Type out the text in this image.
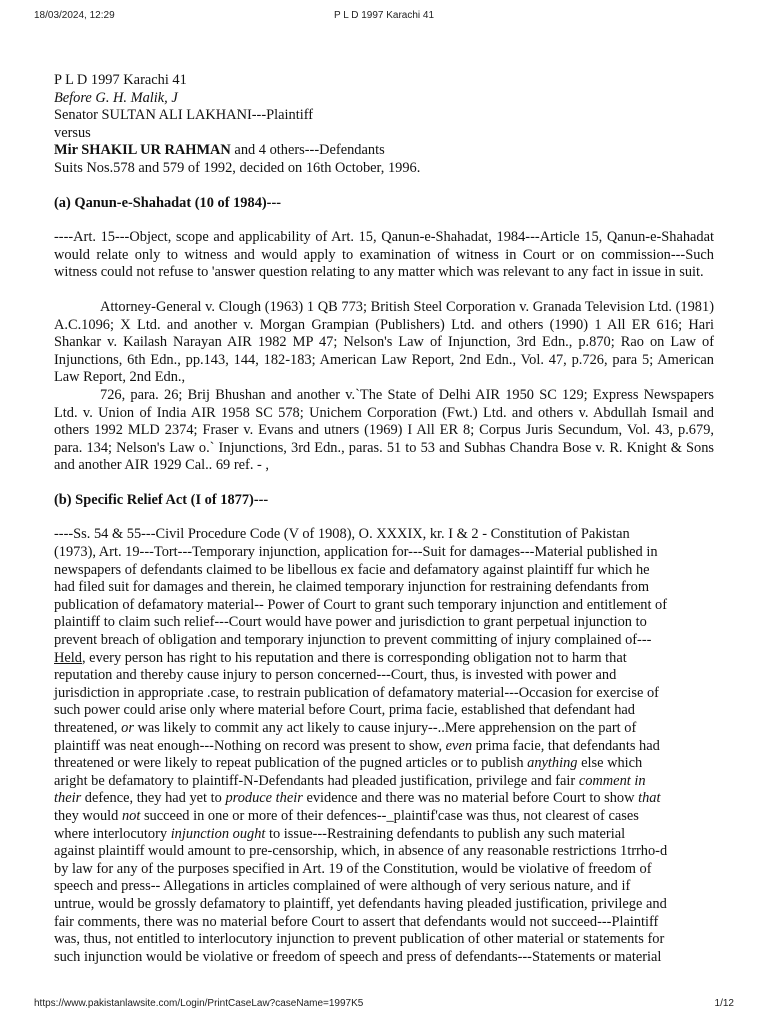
18/03/2024, 12:29	P L D 1997 Karachi 41
P L D 1997 Karachi 41
Before G. H. Malik, J
Senator SULTAN ALI LAKHANI---Plaintiff
versus
Mir SHAKIL UR RAHMAN and 4 others---Defendants
Suits Nos.578 and 579 of 1992, decided on 16th October, 1996.
(a) Qanun-e-Shahadat (10 of 1984)---
----Art. 15---Object, scope and applicability of Art. 15, Qanun-e-Shahadat, 1984---Article 15, Qanun-e-Shahadat would relate only to witness and would apply to examination of witness in Court or on commission---Such witness could not refuse to 'answer question relating to any matter which was relevant to any fact in issue in suit.
Attorney-General v. Clough (1963) 1 QB 773; British Steel Corporation v. Granada Television Ltd. (1981) A.C.1096; X Ltd. and another v. Morgan Grampian (Publishers) Ltd. and others (1990) 1 All ER 616; Hari Shankar v. Kailash Narayan AIR 1982 MP 47; Nelson's Law of Injunction, 3rd Edn., p.870; Rao on Law of Injunctions, 6th Edn., pp.143, 144, 182-183; American Law Report, 2nd Edn., Vol. 47, p.726, para 5; American Law Report, 2nd Edn.,
726, para. 26; Brij Bhushan and another v.`The State of Delhi AIR 1950 SC 129; Express Newspapers Ltd. v. Union of India AIR 1958 SC 578; Unichem Corporation (Fwt.) Ltd. and others v. Abdullah Ismail and others 1992 MLD 2374; Fraser v. Evans and utners (1969) I All ER 8; Corpus Juris Secundum, Vol. 43, p.679, para. 134; Nelson's Law o.` Injunctions, 3rd Edn., paras. 51 to 53 and Subhas Chandra Bose v. R. Knight & Sons and another AIR 1929 Cal.. 69 ref. - ,
(b) Specific Relief Act (I of 1877)---
----Ss. 54 & 55---Civil Procedure Code (V of 1908), O. XXXIX, kr. I & 2 - Constitution of Pakistan
(1973), Art. 19---Tort---Temporary injunction, application for---Suit for damages---Material published in
newspapers of defendants claimed to be libellous ex facie and defamatory against plaintiff fur which he
had filed suit for damages and therein, he claimed temporary injunction for restraining defendants from
publication of defamatory material-- Power of Court to grant such temporary injunction and entitlement of
plaintiff to claim such relief---Court would have power and jurisdiction to grant perpetual injunction to
prevent breach of obligation and temporary injunction to prevent committing of injury complained of---
Held, every person has right to his reputation and there is corresponding obligation not to harm that
reputation and thereby cause injury to person concerned---Court, thus, is invested with power and
jurisdiction in appropriate .case, to restrain publication of defamatory material---Occasion for exercise of
such power could arise only where material before Court, prima facie, established that defendant had
threatened, or was likely to commit any act likely to cause injury--..Mere apprehension on the part of
plaintiff was neat enough---Nothing on record was present to show, even prima facie, that defendants had
threatened or were likely to repeat publication of the pugned articles or to publish anything else which
aright be defamatory to plaintiff-N-Defendants had pleaded justification, privilege and fair comment in
their defence, they had yet to produce their evidence and there was no material before Court to show that
they would not succeed in one or more of their defences--_plaintif'case was thus, not clearest of cases
where interlocutory injunction ought to issue---Restraining defendants to publish any such material
against plaintiff would amount to pre-censorship, which, in absence of any reasonable restrictions 1trrho-d
by law for any of the purposes specified in Art. 19 of the Constitution, would be violative of freedom of
speech and press-- Allegations in articles complained of were although of very serious nature, and if
untrue, would be grossly defamatory to plaintiff, yet defendants having pleaded justification, privilege and
fair comments, there was no material before Court to assert that defendants would not succeed---Plaintiff
was, thus, not entitled to interlocutory injunction to prevent publication of other material or statements for
such injunction would be violative or freedom of speech and press of defendants---Statements or material
https://www.pakistanlawsite.com/Login/PrintCaseLaw?caseName=1997K5	1/12
